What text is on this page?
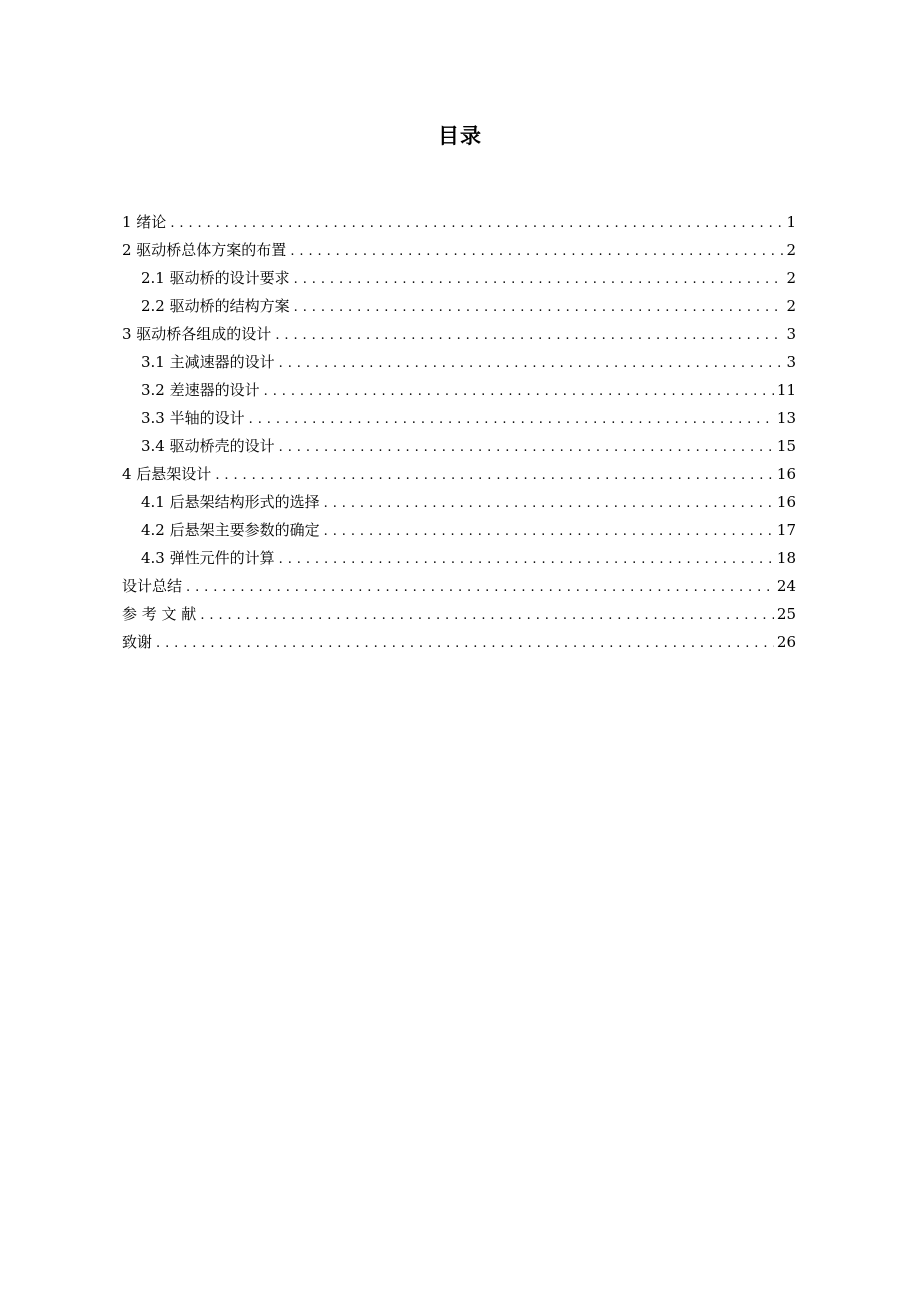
目录
1 绪论 . . .	1
2 驱动桥总体方案的布置 . . .	2
2.1 驱动桥的设计要求 . . .	2
2.2 驱动桥的结构方案 . . .	2
3 驱动桥各组成的设计 . . .	3
3.1 主减速器的设计 . . .	3
3.2 差速器的设计 . . .	11
3.3 半轴的设计 . . .	13
3.4 驱动桥壳的设计 . . .	15
4 后悬架设计 . . .	16
4.1 后悬架结构形式的选择 . . .	16
4.2 后悬架主要参数的确定 . . .	17
4.3 弹性元件的计算 . . .	18
设计总结 . . .	24
参 考 文 献 . . .	25
致谢 . . .	26
